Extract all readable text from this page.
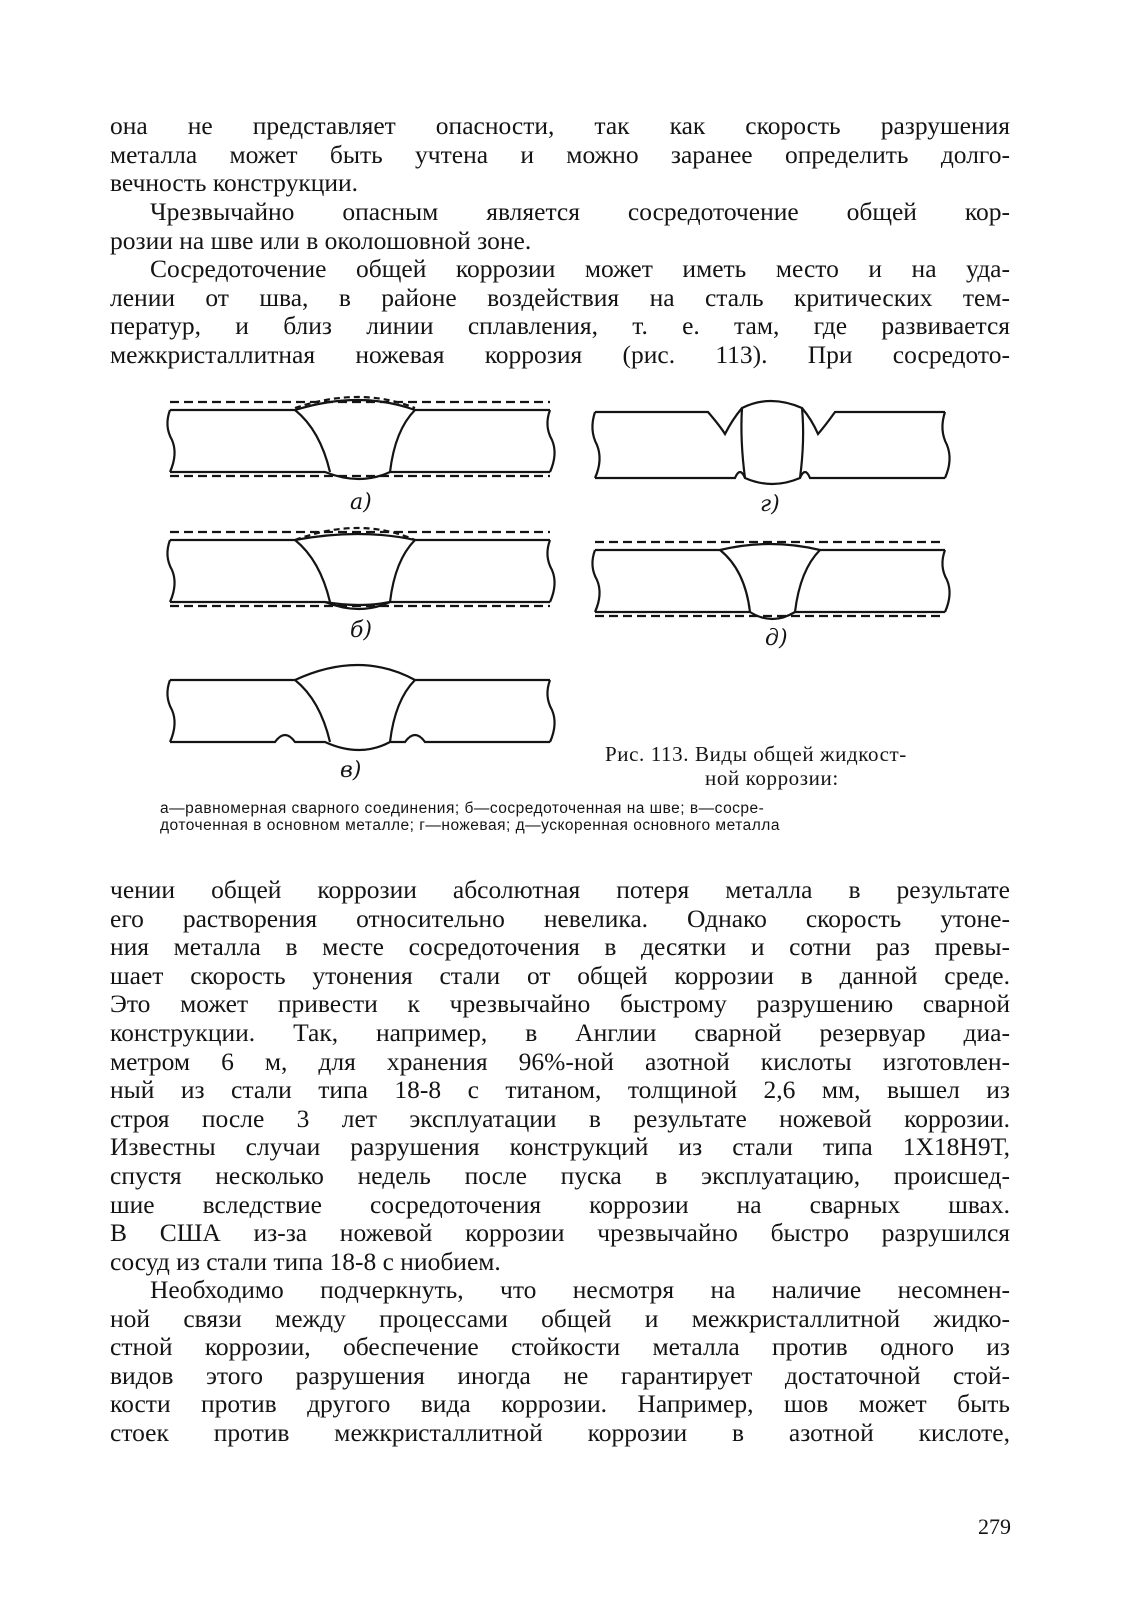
она не представляет опасности, так как скорость разрушения
металла может быть учтена и можно заранее определить долго-
вечность конструкции.
Чрезвычайно опасным является сосредоточение общей кор-
розии на шве или в околошовной зоне.
Сосредоточение общей коррозии может иметь место и на уда-
лении от шва, в районе воздействия на сталь критических тем-
ператур, и близ линии сплавления, т. е. там, где развивается
межкристаллитная ножевая коррозия (рис. 113). При сосредото-
а)
б)
в)
г)
д)
Рис. 113. Виды общей жидкост-
ной коррозии:
а—равномерная сварного соединения; б—сосредоточенная на шве; в—сосре-
доточенная в основном металле; г—ножевая; д—ускоренная основного металла
чении общей коррозии абсолютная потеря металла в результате
его растворения относительно невелика. Однако скорость утоне-
ния металла в месте сосредоточения в десятки и сотни раз превы-
шает скорость утонения стали от общей коррозии в данной среде.
Это может привести к чрезвычайно быстрому разрушению сварной
конструкции. Так, например, в Англии сварной резервуар диа-
метром 6 м, для хранения 96%-ной азотной кислоты изготовлен-
ный из стали типа 18-8 с титаном, толщиной 2,6 мм, вышел из
строя после 3 лет эксплуатации в результате ножевой коррозии.
Известны случаи разрушения конструкций из стали типа 1Х18Н9Т,
спустя несколько недель после пуска в эксплуатацию, происшед-
шие вследствие сосредоточения коррозии на сварных швах.
В США из-за ножевой коррозии чрезвычайно быстро разрушился
сосуд из стали типа 18-8 с ниобием.
Необходимо подчеркнуть, что несмотря на наличие несомнен-
ной связи между процессами общей и межкристаллитной жидко-
стной коррозии, обеспечение стойкости металла против одного из
видов этого разрушения иногда не гарантирует достаточной стой-
кости против другого вида коррозии. Например, шов может быть
стоек против межкристаллитной коррозии в азотной кислоте,
279
